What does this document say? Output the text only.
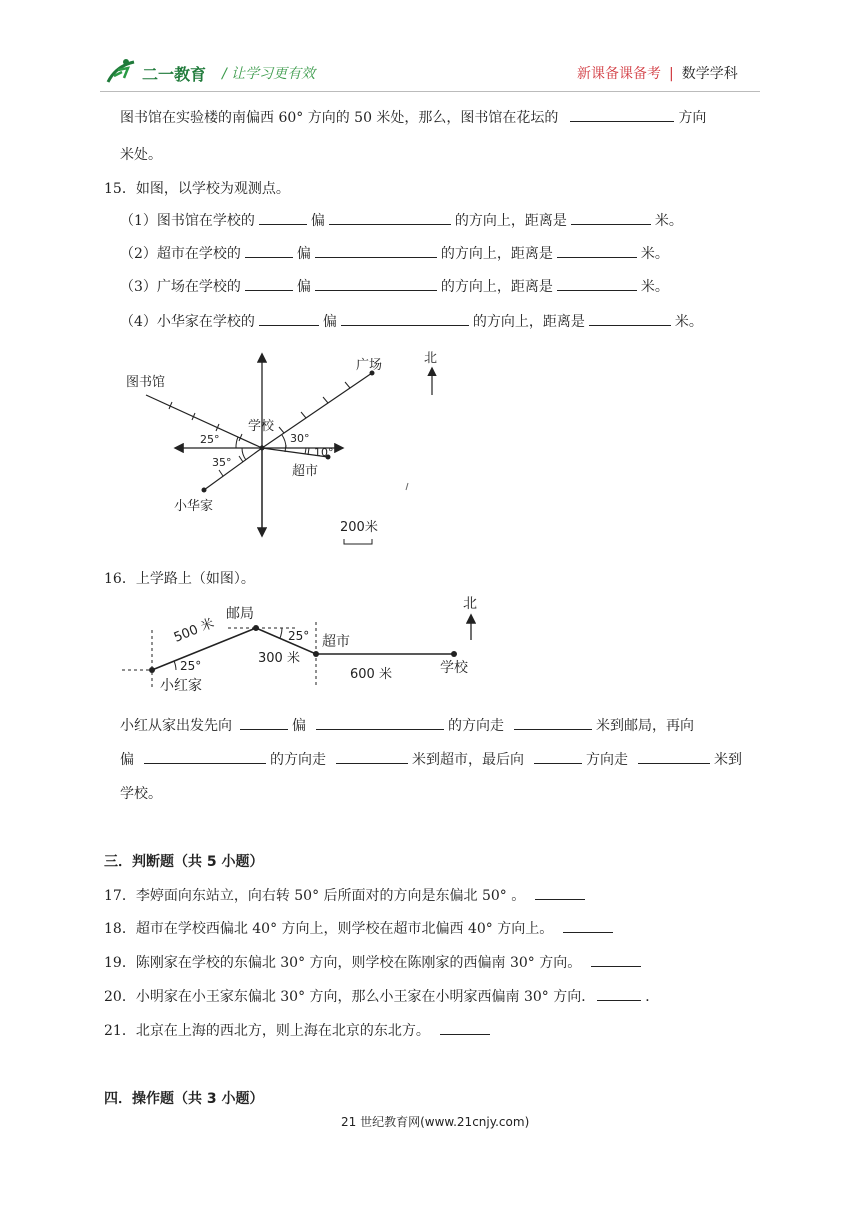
二一教育 / 让学习更有效	新课备课备考 | 数学学科
图书馆在实验楼的南偏西 60° 方向的 50 米处，那么，图书馆在花坛的	方向
米处。
15．如图，以学校为观测点。
（1）图书馆在学校的	偏	的方向上，距离是	米。
（2）超市在学校的	偏	的方向上，距离是	米。
（3）广场在学校的	偏	的方向上，距离是	米。
（4）小华家在学校的	偏	的方向上，距离是	米。
图书馆
广场
学校
超市
小华家
北
25°	30°
35°
10°
200米
16．上学路上（如图）。
邮局
超市
小红家
学校
北
500 米
300 米
600 米
25°
25°
小红从家出发先向	偏	的方向走	米到邮局，再向
偏	的方向走	米到超市，最后向	方向走	米到
学校。
三．判断题（共 5 小题）
17．李婷面向东站立，向右转 50° 后所面对的方向是东偏北 50° 。
18．超市在学校西偏北 40° 方向上，则学校在超市北偏西 40° 方向上。
19．陈刚家在学校的东偏北 30° 方向，则学校在陈刚家的西偏南 30° 方向。
20．小明家在小王家东偏北 30° 方向，那么小王家在小明家西偏南 30° 方向．	．
21．北京在上海的西北方，则上海在北京的东北方。
四．操作题（共 3 小题）
21 世纪教育网(www.21cnjy.com)
